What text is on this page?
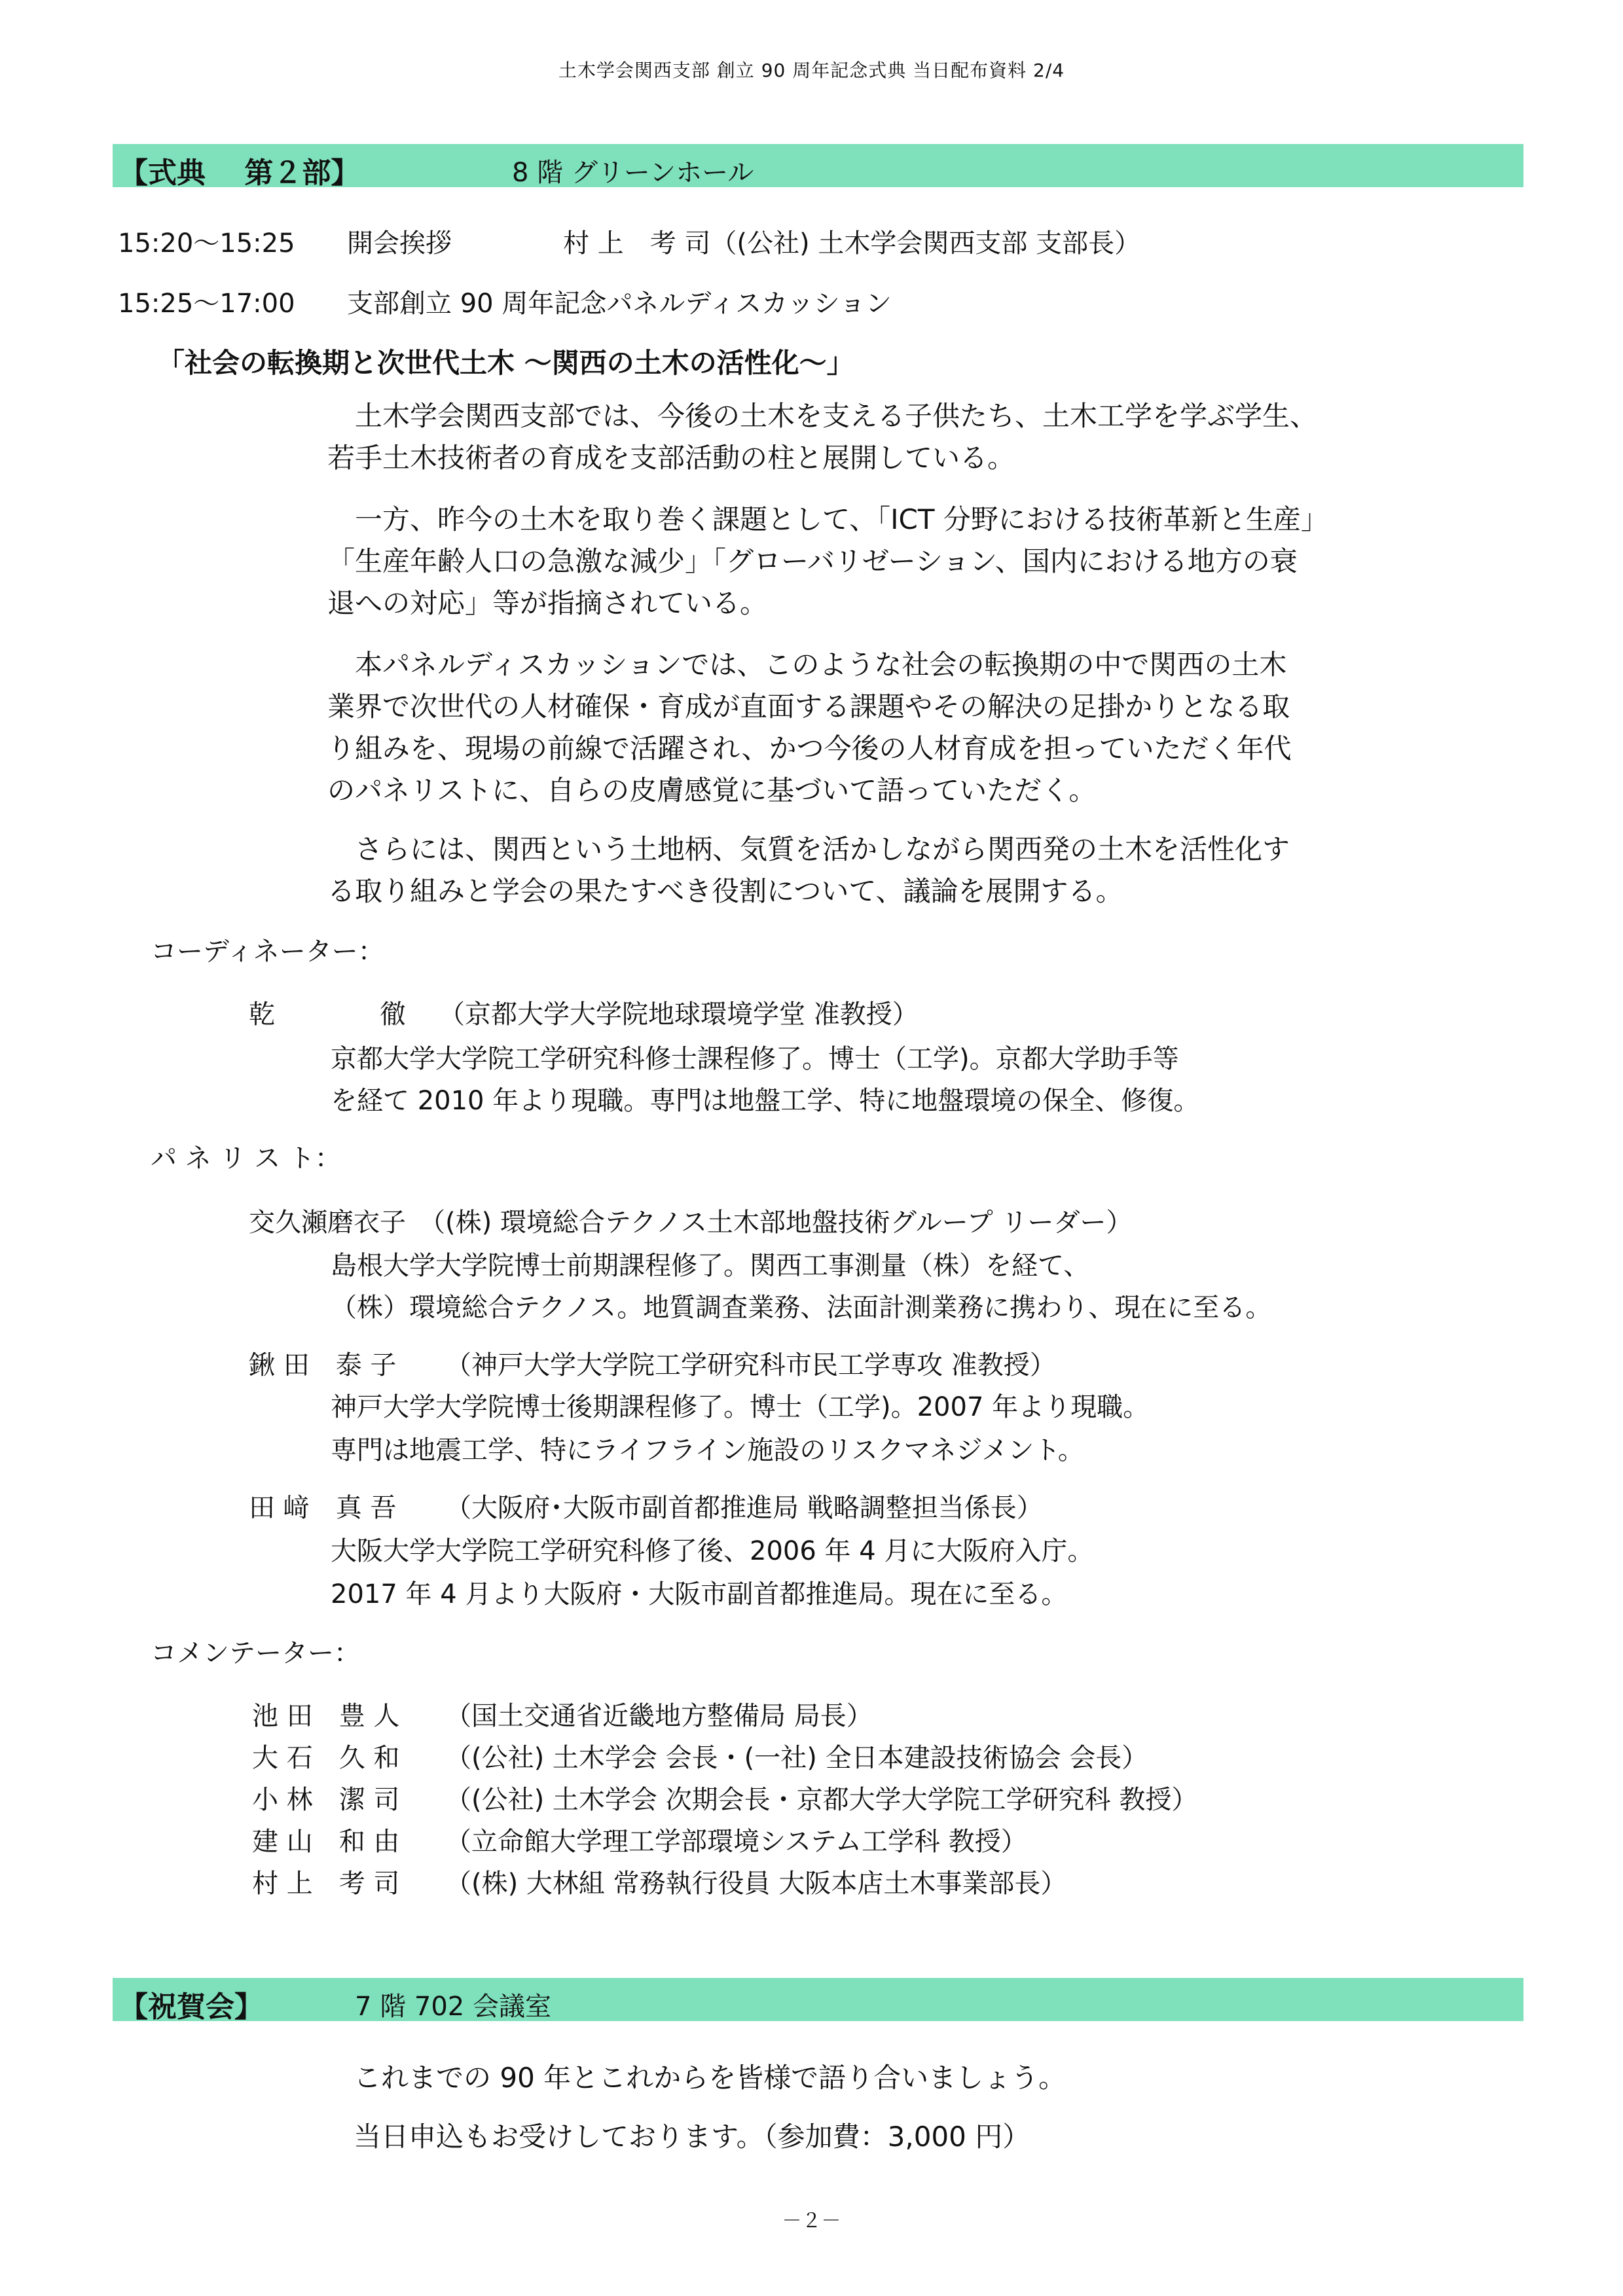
土木学会関西支部 創立 90 周年記念式典 当日配布資料 2/4
【式典　 第２部】	8 階 グリーンホール
15:20～15:25 開会挨拶	村 上　考 司（(公社) 土木学会関西支部 支部長）
15:25～17:00 支部創立 90 周年記念パネルディスカッション
「社会の転換期と次世代土木 ～関西の土木の活性化～」
　土木学会関西支部では、今後の土木を支える子供たち、土木工学を学ぶ学生、
若手土木技術者の育成を支部活動の柱と展開している。
　一方、昨今の土木を取り巻く課題として、「ICT 分野における技術革新と生産」
「生産年齢人口の急激な減少」「グローバリゼーション、国内における地方の衰
退への対応」等が指摘されている。
　本パネルディスカッションでは、このような社会の転換期の中で関西の土木
業界で次世代の人材確保・育成が直面する課題やその解決の足掛かりとなる取
り組みを、現場の前線で活躍され、かつ今後の人材育成を担っていただく年代
のパネリストに、自らの皮膚感覚に基づいて語っていただく。
　さらには、関西という土地柄、気質を活かしながら関西発の土木を活性化す
る取り組みと学会の果たすべき役割について、議論を展開する。
コーディネーター：
乾　　　　徹 （京都大学大学院地球環境学堂 准教授）
京都大学大学院工学研究科修士課程修了。博士（工学)。京都大学助手等
を経て 2010 年より現職。専門は地盤工学、特に地盤環境の保全、修復。
パ ネ リ ス ト：
交久瀬磨衣子 （(株) 環境総合テクノス土木部地盤技術グループ リーダー）
島根大学大学院博士前期課程修了。関西工事測量（株）を経て、
（株）環境総合テクノス。地質調査業務、法面計測業務に携わり、現在に至る。
鍬 田　泰 子 （神戸大学大学院工学研究科市民工学専攻 准教授）
神戸大学大学院博士後期課程修了。博士（工学)。2007 年より現職。
専門は地震工学、特にライフライン施設のリスクマネジメント。
田 﨑　真 吾 （大阪府･大阪市副首都推進局 戦略調整担当係長）
大阪大学大学院工学研究科修了後、2006 年 4 月に大阪府入庁。
2017 年 4 月より大阪府・大阪市副首都推進局。現在に至る。
コメンテーター：
池 田　豊 人 （国土交通省近畿地方整備局 局長）
大 石　久 和 （(公社) 土木学会 会長・(一社) 全日本建設技術協会 会長）
小 林　潔 司 （(公社) 土木学会 次期会長・京都大学大学院工学研究科 教授）
建 山　和 由 （立命館大学理工学部環境システム工学科 教授）
村 上　考 司 （(株) 大林組 常務執行役員 大阪本店土木事業部長）
【祝賀会】	7 階 702 会議室
これまでの 90 年とこれからを皆様で語り合いましょう。
当日申込もお受けしております。（参加費：3,000 円）
－２－
